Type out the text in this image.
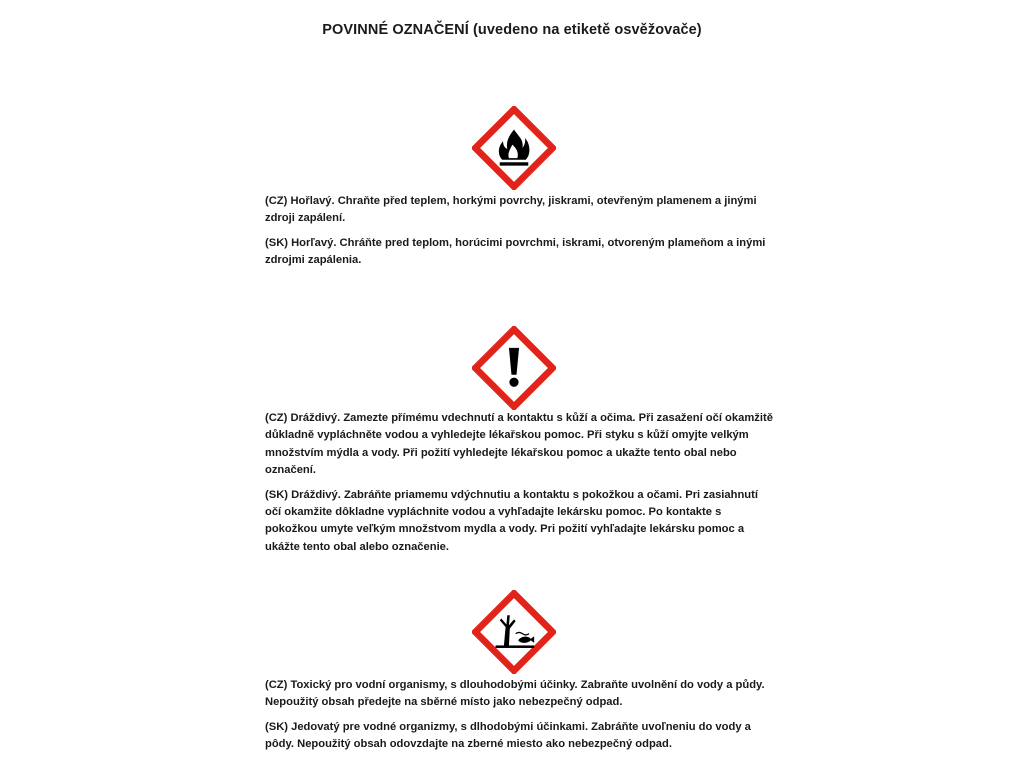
POVINNÉ OZNAČENÍ (uvedeno na etiketě osvěžovače)

(CZ) Hořlavý. Chraňte před teplem, horkými povrchy, jiskrami, otevřeným plamenem a jinými zdroji zapálení.

(SK) Horľavý. Chráňte pred teplom, horúcimi povrchmi, iskrami, otvoreným plameňom a inými zdrojmi zapálenia.

(CZ) Dráždivý. Zamezte přímému vdechnutí a kontaktu s kůží a očima. Při zasažení očí okamžitě důkladně vypláchněte vodou a vyhledejte lékařskou pomoc. Při styku s kůží omyjte velkým množstvím mýdla a vody. Při požití vyhledejte lékařskou pomoc a ukažte tento obal nebo označení.

(SK) Dráždivý. Zabráňte priamemu vdýchnutiu a kontaktu s pokožkou a očami. Pri zasiahnutí očí okamžite dôkladne vypláchnite vodou a vyhľadajte lekársku pomoc. Po kontakte s pokožkou umyte veľkým množstvom mydla a vody. Pri požití vyhľadajte lekársku pomoc a ukážte tento obal alebo označenie.

(CZ) Toxický pro vodní organismy, s dlouhodobými účinky. Zabraňte uvolnění do vody a půdy. Nepoužitý obsah předejte na sběrné místo jako nebezpečný odpad.

(SK) Jedovatý pre vodné organizmy, s dlhodobými účinkami. Zabráňte uvoľneniu do vody a pôdy. Nepoužitý obsah odovzdajte na zberné miesto ako nebezpečný odpad.
